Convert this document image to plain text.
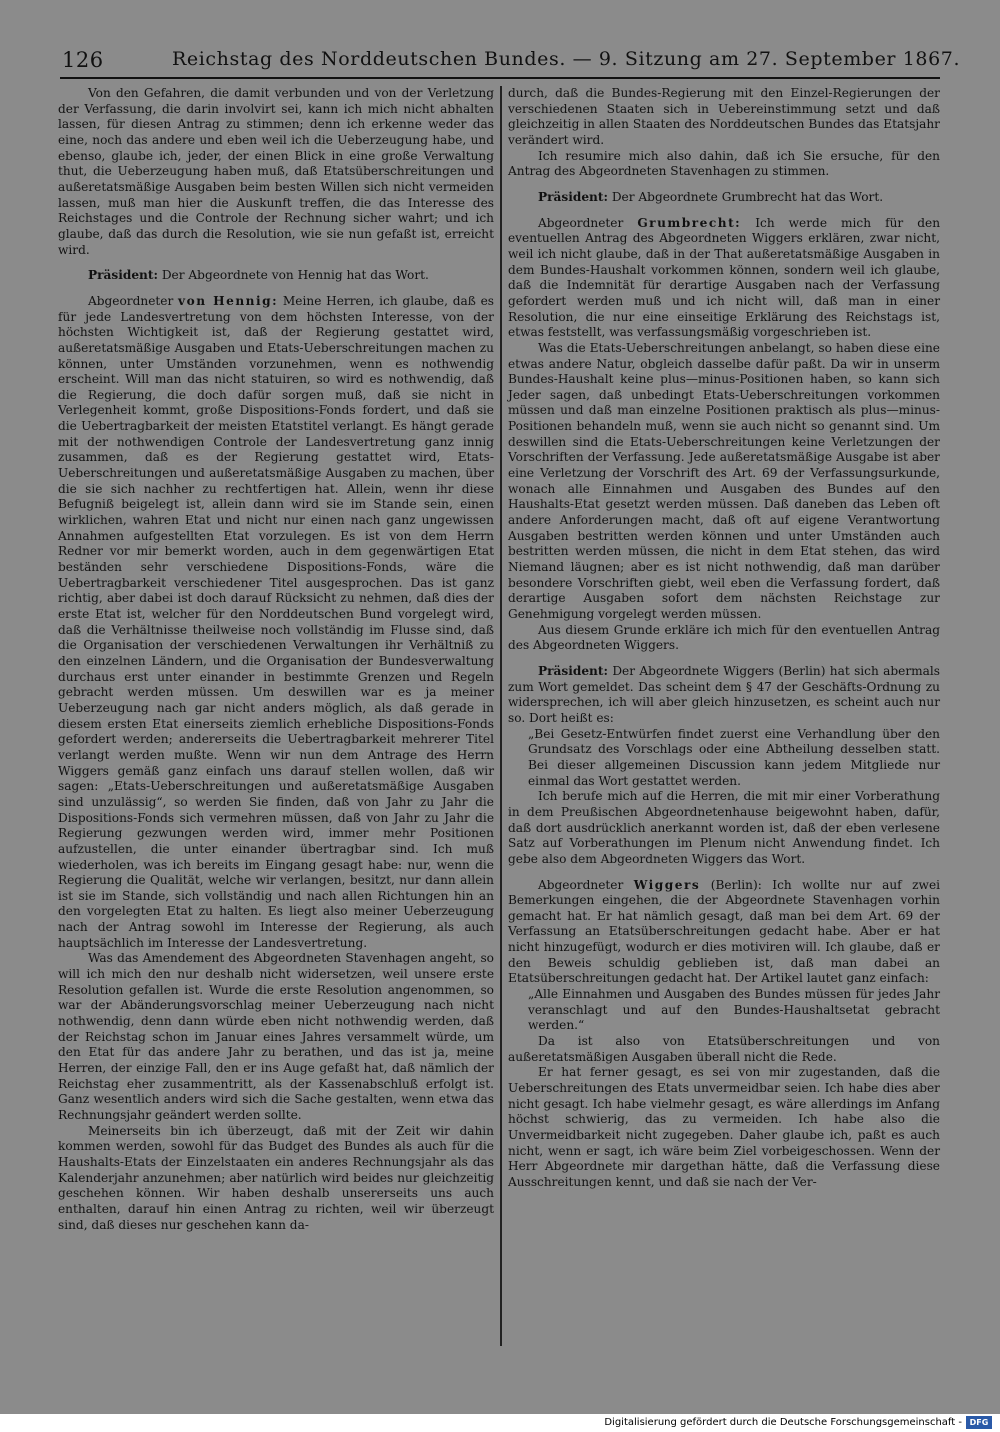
126	Reichstag des Norddeutschen Bundes. — 9. Sitzung am 27. September 1867.

Von den Gefahren, die damit verbunden und von der Verletzung der Verfassung, die darin involvirt sei, kann ich mich nicht abhalten lassen, für diesen Antrag zu stimmen; denn ich erkenne weder das eine, noch das andere und eben weil ich die Ueberzeugung habe, und ebenso, glaube ich, jeder, der einen Blick in eine große Verwaltung thut, die Ueberzeugung haben muß, daß Etatsüberschreitungen und außeretatsmäßige Ausgaben beim besten Willen sich nicht vermeiden lassen, muß man hier die Auskunft treffen, die das Interesse des Reichstages und die Controle der Rechnung sicher wahrt; und ich glaube, daß das durch die Resolution, wie sie nun gefaßt ist, erreicht wird.

Präsident: Der Abgeordnete von Hennig hat das Wort.

Abgeordneter von Hennig: Meine Herren, ich glaube, daß es für jede Landesvertretung von dem höchsten Interesse, von der höchsten Wichtigkeit ist, daß der Regierung gestattet wird, außeretatsmäßige Ausgaben und Etats-Ueberschreitungen machen zu können, unter Umständen vorzunehmen, wenn es nothwendig erscheint. Will man das nicht statuiren, so wird es nothwendig, daß die Regierung, die doch dafür sorgen muß, daß sie nicht in Verlegenheit kommt, große Dispositions-Fonds fordert, und daß sie die Uebertragbarkeit der meisten Etatstitel verlangt. Es hängt gerade mit der nothwendigen Controle der Landesvertretung ganz innig zusammen, daß es der Regierung gestattet wird, Etats-Ueberschreitungen und außeretatsmäßige Ausgaben zu machen, über die sie sich nachher zu rechtfertigen hat. Allein, wenn ihr diese Befugniß beigelegt ist, allein dann wird sie im Stande sein, einen wirklichen, wahren Etat und nicht nur einen nach ganz ungewissen Annahmen aufgestellten Etat vorzulegen. Es ist von dem Herrn Redner vor mir bemerkt worden, auch in dem gegenwärtigen Etat beständen sehr verschiedene Dispositions-Fonds, wäre die Uebertragbarkeit verschiedener Titel ausgesprochen. Das ist ganz richtig, aber dabei ist doch darauf Rücksicht zu nehmen, daß dies der erste Etat ist, welcher für den Norddeutschen Bund vorgelegt wird, daß die Verhältnisse theilweise noch vollständig im Flusse sind, daß die Organisation der verschiedenen Verwaltungen ihr Verhältniß zu den einzelnen Ländern, und die Organisation der Bundesverwaltung durchaus erst unter einander in bestimmte Grenzen und Regeln gebracht werden müssen. Um deswillen war es ja meiner Ueberzeugung nach gar nicht anders möglich, als daß gerade in diesem ersten Etat einerseits ziemlich erhebliche Dispositions-Fonds gefordert werden; andererseits die Uebertragbarkeit mehrerer Titel verlangt werden mußte. Wenn wir nun dem Antrage des Herrn Wiggers gemäß ganz einfach uns darauf stellen wollen, daß wir sagen: „Etats-Ueberschreitungen und außeretatsmäßige Ausgaben sind unzulässig“, so werden Sie finden, daß von Jahr zu Jahr die Dispositions-Fonds sich vermehren müssen, daß von Jahr zu Jahr die Regierung gezwungen werden wird, immer mehr Positionen aufzustellen, die unter einander übertragbar sind. Ich muß wiederholen, was ich bereits im Eingang gesagt habe: nur, wenn die Regierung die Qualität, welche wir verlangen, besitzt, nur dann allein ist sie im Stande, sich vollständig und nach allen Richtungen hin an den vorgelegten Etat zu halten. Es liegt also meiner Ueberzeugung nach der Antrag sowohl im Interesse der Regierung, als auch hauptsächlich im Interesse der Landesvertretung.

Was das Amendement des Abgeordneten Stavenhagen angeht, so will ich mich den nur deshalb nicht widersetzen, weil unsere erste Resolution gefallen ist. Wurde die erste Resolution angenommen, so war der Abänderungsvorschlag meiner Ueberzeugung nach nicht nothwendig, denn dann würde eben nicht nothwendig werden, daß der Reichstag schon im Januar eines Jahres versammelt würde, um den Etat für das andere Jahr zu berathen, und das ist ja, meine Herren, der einzige Fall, den er ins Auge gefaßt hat, daß nämlich der Reichstag eher zusammentritt, als der Kassenabschluß erfolgt ist. Ganz wesentlich anders wird sich die Sache gestalten, wenn etwa das Rechnungsjahr geändert werden sollte.

Meinerseits bin ich überzeugt, daß mit der Zeit wir dahin kommen werden, sowohl für das Budget des Bundes als auch für die Haushalts-Etats der Einzelstaaten ein anderes Rechnungsjahr als das Kalenderjahr anzunehmen; aber natürlich wird beides nur gleichzeitig geschehen können. Wir haben deshalb unsererseits uns auch enthalten, darauf hin einen Antrag zu richten, weil wir überzeugt sind, daß dieses nur geschehen kann da-

durch, daß die Bundes-Regierung mit den Einzel-Regierungen der verschiedenen Staaten sich in Uebereinstimmung setzt und daß gleichzeitig in allen Staaten des Norddeutschen Bundes das Etatsjahr verändert wird.

Ich resumire mich also dahin, daß ich Sie ersuche, für den Antrag des Abgeordneten Stavenhagen zu stimmen.

Präsident: Der Abgeordnete Grumbrecht hat das Wort.

Abgeordneter Grumbrecht: Ich werde mich für den eventuellen Antrag des Abgeordneten Wiggers erklären, zwar nicht, weil ich nicht glaube, daß in der That außeretatsmäßige Ausgaben in dem Bundes-Haushalt vorkommen können, sondern weil ich glaube, daß die Indemnität für derartige Ausgaben nach der Verfassung gefordert werden muß und ich nicht will, daß man in einer Resolution, die nur eine einseitige Erklärung des Reichstags ist, etwas feststellt, was verfassungsmäßig vorgeschrieben ist.

Was die Etats-Ueberschreitungen anbelangt, so haben diese eine etwas andere Natur, obgleich dasselbe dafür paßt. Da wir in unserm Bundes-Haushalt keine plus—minus-Positionen haben, so kann sich Jeder sagen, daß unbedingt Etats-Ueberschreitungen vorkommen müssen und daß man einzelne Positionen praktisch als plus—minus-Positionen behandeln muß, wenn sie auch nicht so genannt sind. Um deswillen sind die Etats-Ueberschreitungen keine Verletzungen der Vorschriften der Verfassung. Jede außeretatsmäßige Ausgabe ist aber eine Verletzung der Vorschrift des Art. 69 der Verfassungsurkunde, wonach alle Einnahmen und Ausgaben des Bundes auf den Haushalts-Etat gesetzt werden müssen. Daß daneben das Leben oft andere Anforderungen macht, daß oft auf eigene Verantwortung Ausgaben bestritten werden können und unter Umständen auch bestritten werden müssen, die nicht in dem Etat stehen, das wird Niemand läugnen; aber es ist nicht nothwendig, daß man darüber besondere Vorschriften giebt, weil eben die Verfassung fordert, daß derartige Ausgaben sofort dem nächsten Reichstage zur Genehmigung vorgelegt werden müssen.

Aus diesem Grunde erkläre ich mich für den eventuellen Antrag des Abgeordneten Wiggers.

Präsident: Der Abgeordnete Wiggers (Berlin) hat sich abermals zum Wort gemeldet. Das scheint dem § 47 der Geschäfts-Ordnung zu widersprechen, ich will aber gleich hinzusetzen, es scheint auch nur so. Dort heißt es:

„Bei Gesetz-Entwürfen findet zuerst eine Verhandlung über den Grundsatz des Vorschlags oder eine Abtheilung desselben statt. Bei dieser allgemeinen Discussion kann jedem Mitgliede nur einmal das Wort gestattet werden.

Ich berufe mich auf die Herren, die mit mir einer Vorberathung in dem Preußischen Abgeordnetenhause beigewohnt haben, dafür, daß dort ausdrücklich anerkannt worden ist, daß der eben verlesene Satz auf Vorberathungen im Plenum nicht Anwendung findet. Ich gebe also dem Abgeordneten Wiggers das Wort.

Abgeordneter Wiggers (Berlin): Ich wollte nur auf zwei Bemerkungen eingehen, die der Abgeordnete Stavenhagen vorhin gemacht hat. Er hat nämlich gesagt, daß man bei dem Art. 69 der Verfassung an Etatsüberschreitungen gedacht habe. Aber er hat nicht hinzugefügt, wodurch er dies motiviren will. Ich glaube, daß er den Beweis schuldig geblieben ist, daß man dabei an Etatsüberschreitungen gedacht hat. Der Artikel lautet ganz einfach:

„Alle Einnahmen und Ausgaben des Bundes müssen für jedes Jahr veranschlagt und auf den Bundes-Haushaltsetat gebracht werden.“

Da ist also von Etatsüberschreitungen und von außeretatsmäßigen Ausgaben überall nicht die Rede.

Er hat ferner gesagt, es sei von mir zugestanden, daß die Ueberschreitungen des Etats unvermeidbar seien. Ich habe dies aber nicht gesagt. Ich habe vielmehr gesagt, es wäre allerdings im Anfang höchst schwierig, das zu vermeiden. Ich habe also die Unvermeidbarkeit nicht zugegeben. Daher glaube ich, paßt es auch nicht, wenn er sagt, ich wäre beim Ziel vorbeigeschossen. Wenn der Herr Abgeordnete mir dargethan hätte, daß die Verfassung diese Ausschreitungen kennt, und daß sie nach der Ver-

Digitalisierung gefördert durch die Deutsche Forschungsgemeinschaft - DFG
